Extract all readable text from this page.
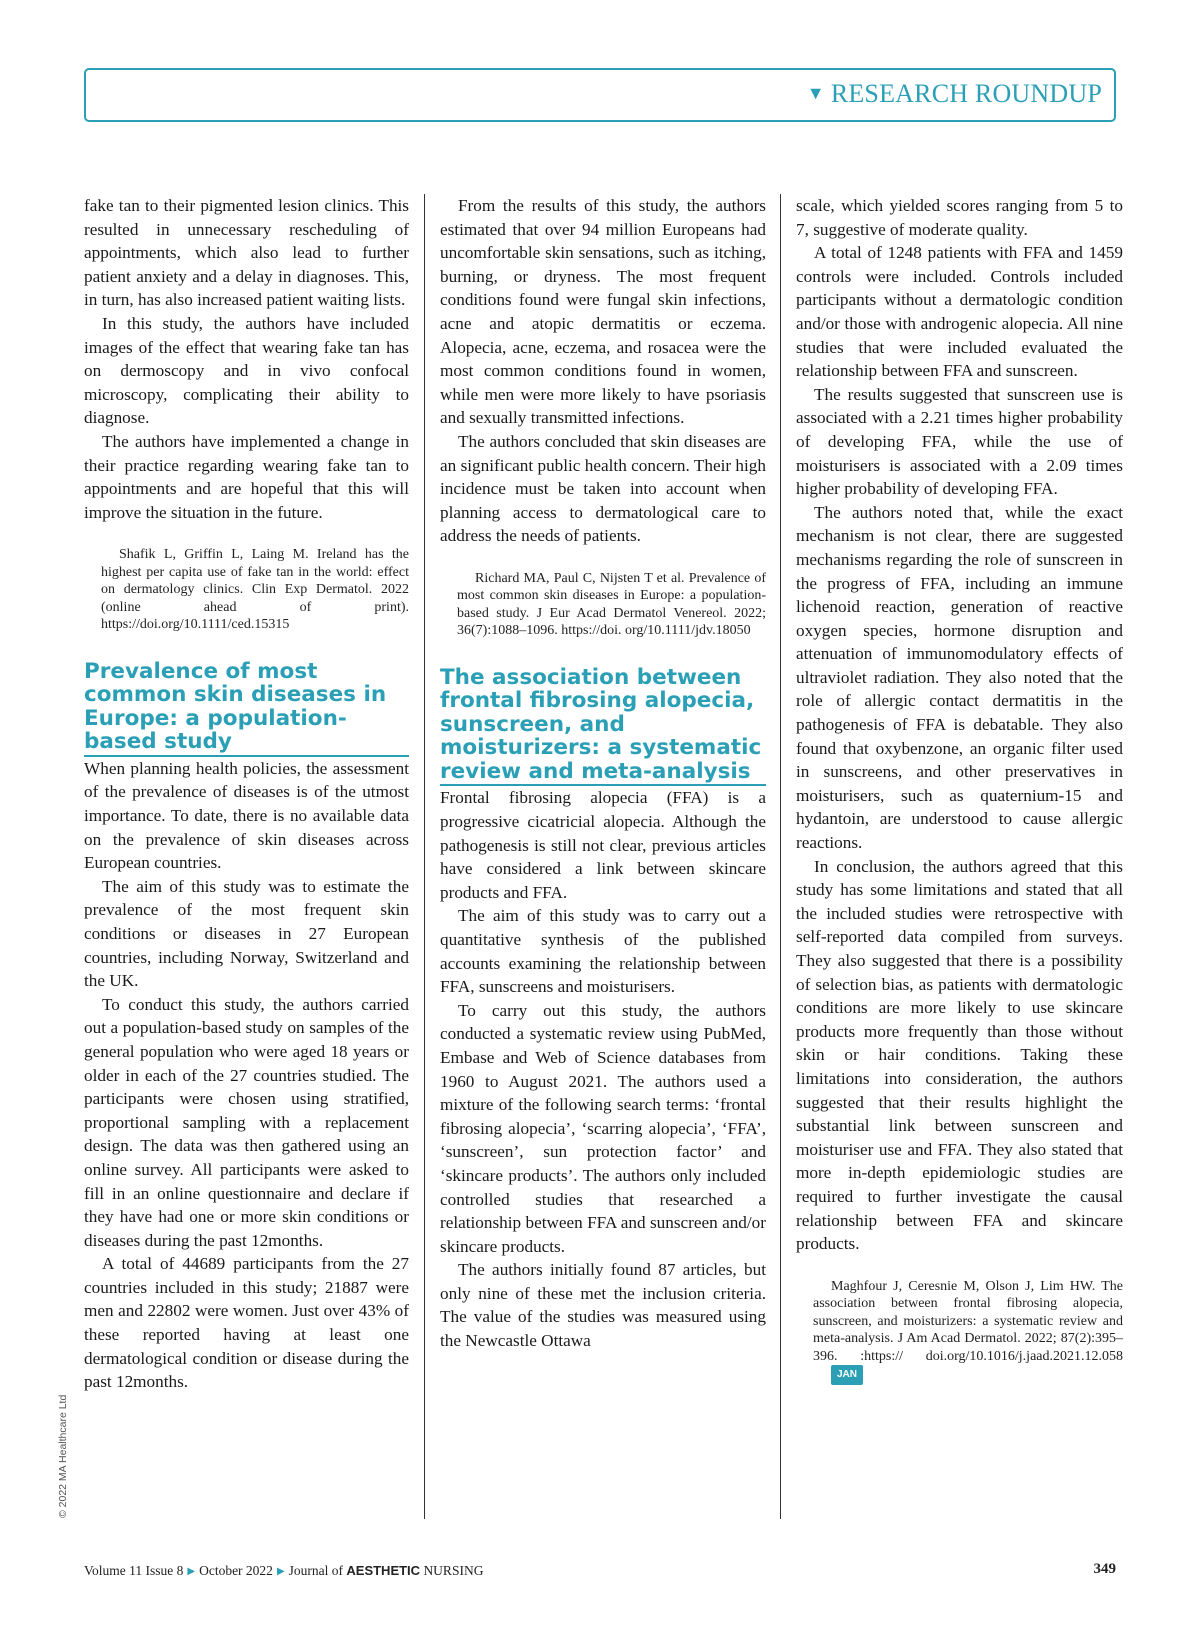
▼ RESEARCH ROUNDUP

fake tan to their pigmented lesion clinics. This resulted in unnecessary rescheduling of appointments, which also lead to further patient anxiety and a delay in diagnoses. This, in turn, has also increased patient waiting lists.

In this study, the authors have included images of the effect that wearing fake tan has on dermoscopy and in vivo confocal microscopy, complicating their ability to diagnose.

The authors have implemented a change in their practice regarding wearing fake tan to appointments and are hopeful that this will improve the situation in the future.

Shafik L, Griffin L, Laing M. Ireland has the highest per capita use of fake tan in the world: effect on dermatology clinics. Clin Exp Dermatol. 2022 (online ahead of print). https://doi.org/10.1111/ced.15315

Prevalence of most common skin diseases in Europe: a population-based study

When planning health policies, the assessment of the prevalence of diseases is of the utmost importance. To date, there is no available data on the prevalence of skin diseases across European countries.

The aim of this study was to estimate the prevalence of the most frequent skin conditions or diseases in 27 European countries, including Norway, Switzerland and the UK.

To conduct this study, the authors carried out a population-based study on samples of the general population who were aged 18 years or older in each of the 27 countries studied. The participants were chosen using stratified, proportional sampling with a replacement design. The data was then gathered using an online survey. All participants were asked to fill in an online questionnaire and declare if they have had one or more skin conditions or diseases during the past 12months.

A total of 44689 participants from the 27 countries included in this study; 21887 were men and 22802 were women. Just over 43% of these reported having at least one dermatological condition or disease during the past 12months.

From the results of this study, the authors estimated that over 94 million Europeans had uncomfortable skin sensations, such as itching, burning, or dryness. The most frequent conditions found were fungal skin infections, acne and atopic dermatitis or eczema. Alopecia, acne, eczema, and rosacea were the most common conditions found in women, while men were more likely to have psoriasis and sexually transmitted infections.

The authors concluded that skin diseases are an significant public health concern. Their high incidence must be taken into account when planning access to dermatological care to address the needs of patients.

Richard MA, Paul C, Nijsten T et al. Prevalence of most common skin diseases in Europe: a population-based study. J Eur Acad Dermatol Venereol. 2022; 36(7):1088–1096. https://doi. org/10.1111/jdv.18050

The association between frontal fibrosing alopecia, sunscreen, and moisturizers: a systematic review and meta-analysis

Frontal fibrosing alopecia (FFA) is a progressive cicatricial alopecia. Although the pathogenesis is still not clear, previous articles have considered a link between skincare products and FFA.

The aim of this study was to carry out a quantitative synthesis of the published accounts examining the relationship between FFA, sunscreens and moisturisers.

To carry out this study, the authors conducted a systematic review using PubMed, Embase and Web of Science databases from 1960 to August 2021. The authors used a mixture of the following search terms: ‘frontal fibrosing alopecia’, ‘scarring alopecia’, ‘FFA’, ‘sunscreen’, sun protection factor’ and ‘skincare products’. The authors only included controlled studies that researched a relationship between FFA and sunscreen and/or skincare products.

The authors initially found 87 articles, but only nine of these met the inclusion criteria. The value of the studies was measured using the Newcastle Ottawa

scale, which yielded scores ranging from 5 to 7, suggestive of moderate quality.

A total of 1248 patients with FFA and 1459 controls were included. Controls included participants without a dermatologic condition and/or those with androgenic alopecia. All nine studies that were included evaluated the relationship between FFA and sunscreen.

The results suggested that sunscreen use is associated with a 2.21 times higher probability of developing FFA, while the use of moisturisers is associated with a 2.09 times higher probability of developing FFA.

The authors noted that, while the exact mechanism is not clear, there are suggested mechanisms regarding the role of sunscreen in the progress of FFA, including an immune lichenoid reaction, generation of reactive oxygen species, hormone disruption and attenuation of immunomodulatory effects of ultraviolet radiation. They also noted that the role of allergic contact dermatitis in the pathogenesis of FFA is debatable. They also found that oxybenzone, an organic filter used in sunscreens, and other preservatives in moisturisers, such as quaternium-15 and hydantoin, are understood to cause allergic reactions.

In conclusion, the authors agreed that this study has some limitations and stated that all the included studies were retrospective with self-reported data compiled from surveys. They also suggested that there is a possibility of selection bias, as patients with dermatologic conditions are more likely to use skincare products more frequently than those without skin or hair conditions. Taking these limitations into consideration, the authors suggested that their results highlight the substantial link between sunscreen and moisturiser use and FFA. They also stated that more in-depth epidemiologic studies are required to further investigate the causal relationship between FFA and skincare products.

Maghfour J, Ceresnie M, Olson J, Lim HW. The association between frontal fibrosing alopecia, sunscreen, and moisturizers: a systematic review and meta-analysis. J Am Acad Dermatol. 2022; 87(2):395–396. :https:// doi.org/10.1016/j.jaad.2021.12.058JAN

© 2022 MA Healthcare Ltd
Volume 11 Issue 8 ▶ October 2022 ▶ Journal of AESTHETIC NURSING	349
